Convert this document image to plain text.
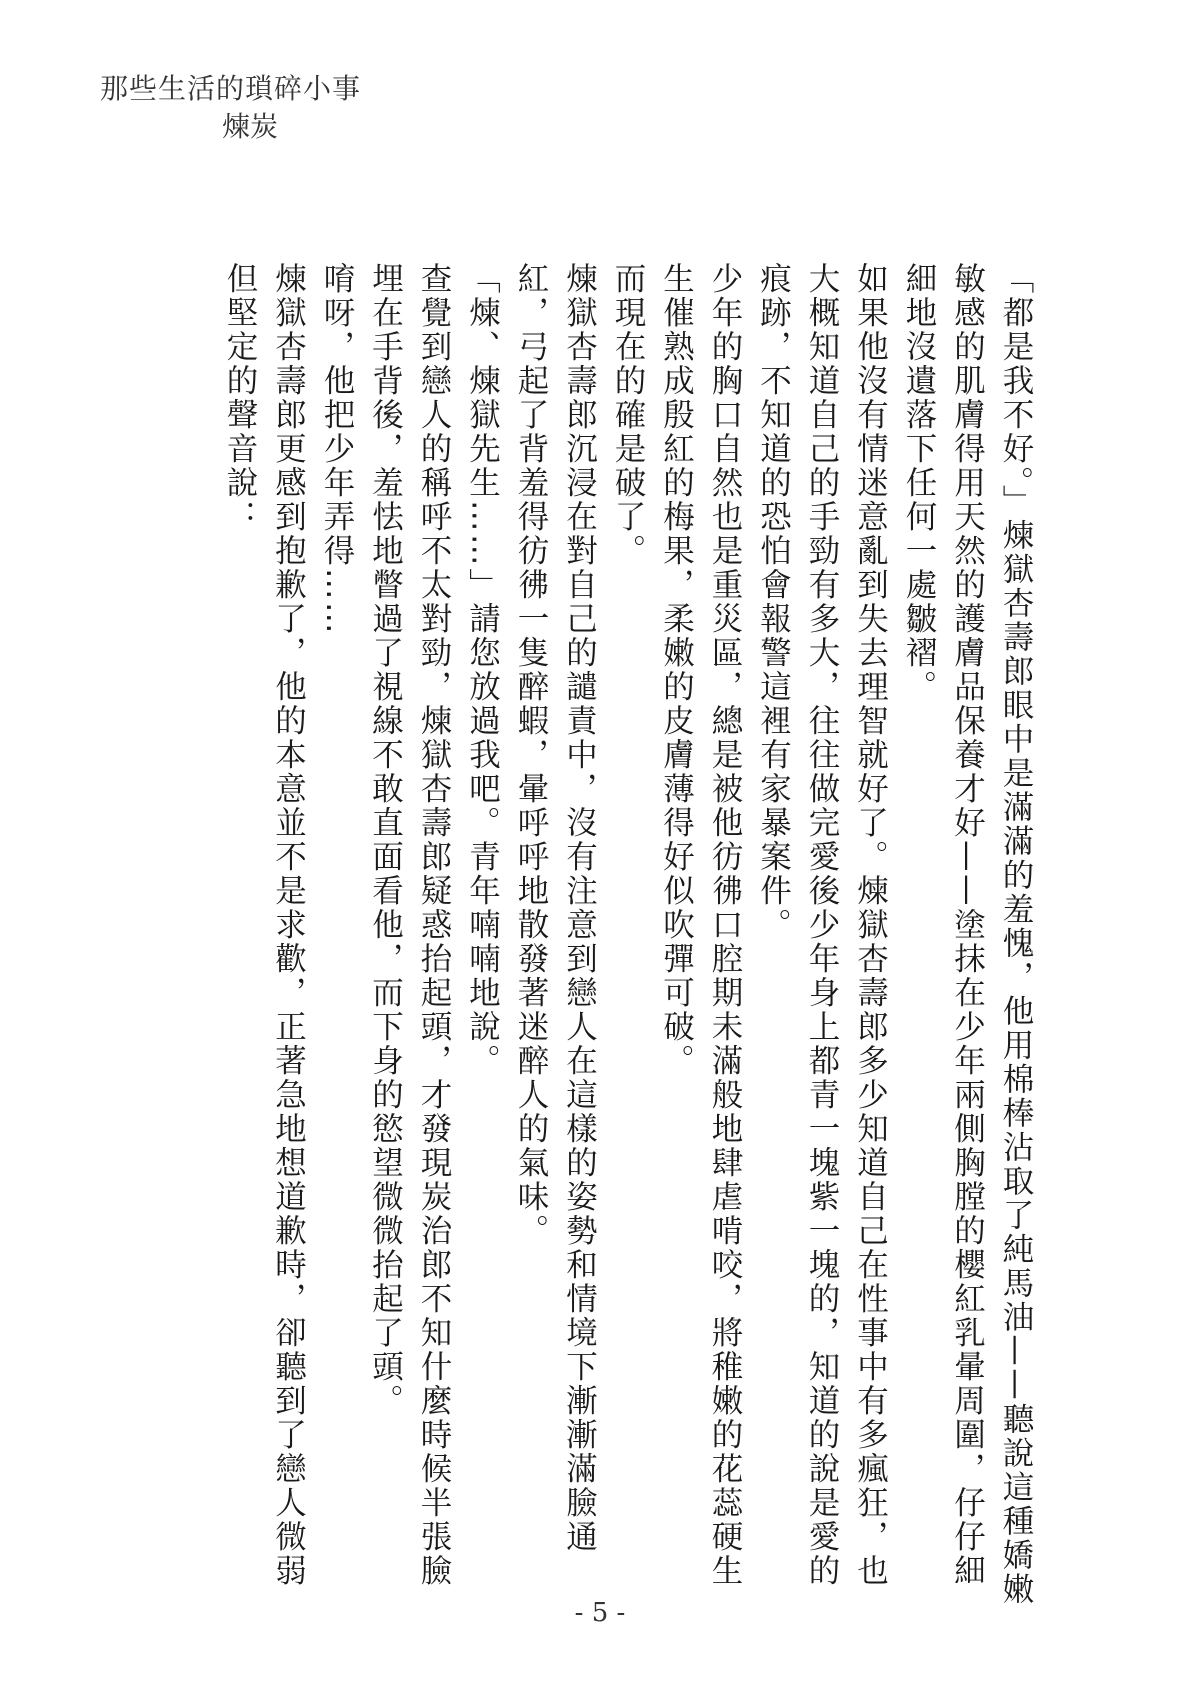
那些生活的瑣碎小事
煉炭

「都是我不好。」煉獄杏壽郎眼中是滿滿的羞愧，他用棉棒沾取了純馬油——聽說這種嬌嫩敏感的肌膚得用天然的護膚品保養才好——塗抹在少年兩側胸膛的櫻紅乳暈周圍，仔仔細細地沒遺落下任何一處皺褶。

如果他沒有情迷意亂到失去理智就好了。煉獄杏壽郎多少知道自己在性事中有多瘋狂，也大概知道自己的手勁有多大，往往做完愛後少年身上都青一塊紫一塊的，知道的說是愛的痕跡，不知道的恐怕會報警這裡有家暴案件。

少年的胸口自然也是重災區，總是被他彷彿口腔期未滿般地肆虐啃咬，將稚嫩的花蕊硬生生催熟成殷紅的梅果，柔嫩的皮膚薄得好似吹彈可破。

而現在的確是破了。

煉獄杏壽郎沉浸在對自己的譴責中，沒有注意到戀人在這樣的姿勢和情境下漸漸滿臉通紅，弓起了背羞得彷彿一隻醉蝦，暈呼呼地散發著迷醉人的氣味。

「煉、煉獄先生……」請您放過我吧。青年喃喃地說。

查覺到戀人的稱呼不太對勁，煉獄杏壽郎疑惑抬起頭，才發現炭治郎不知什麼時候半張臉埋在手背後，羞怯地瞥過了視線不敢直面看他，而下身的慾望微微抬起了頭。

唷呀，他把少年弄得……

煉獄杏壽郎更感到抱歉了，他的本意並不是求歡，正著急地想道歉時，卻聽到了戀人微弱但堅定的聲音說：

- 5 -
